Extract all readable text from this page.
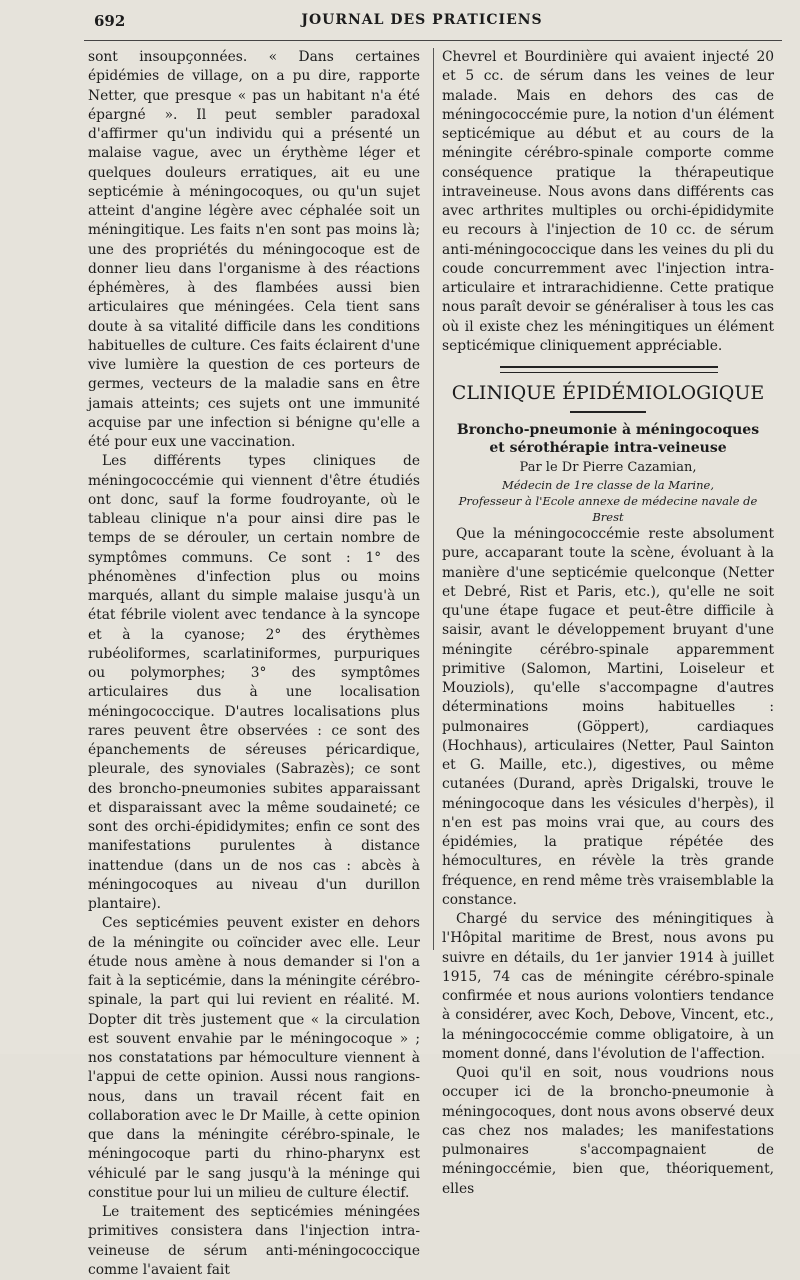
692	JOURNAL DES PRATICIENS

sont insoupçonnées. « Dans certaines épidémies de village, on a pu dire, rapporte Netter, que presque « pas un habitant n'a été épargné ». Il peut sembler paradoxal d'affirmer qu'un individu qui a présenté un malaise vague, avec un érythème léger et quelques douleurs erratiques, ait eu une septicémie à méningocoques, ou qu'un sujet atteint d'angine légère avec céphalée soit un méningitique. Les faits n'en sont pas moins là; une des propriétés du méningocoque est de donner lieu dans l'organisme à des réactions éphémères, à des flambées aussi bien articulaires que méningées. Cela tient sans doute à sa vitalité difficile dans les conditions habituelles de culture. Ces faits éclairent d'une vive lumière la question de ces porteurs de germes, vecteurs de la maladie sans en être jamais atteints; ces sujets ont une immunité acquise par une infection si bénigne qu'elle a été pour eux une vaccination.

Les différents types cliniques de méningococcémie qui viennent d'être étudiés ont donc, sauf la forme foudroyante, où le tableau clinique n'a pour ainsi dire pas le temps de se dérouler, un certain nombre de symptômes communs. Ce sont : 1° des phénomènes d'infection plus ou moins marqués, allant du simple malaise jusqu'à un état fébrile violent avec tendance à la syncope et à la cyanose; 2° des érythèmes rubéoliformes, scarlatiniformes, purpuriques ou polymorphes; 3° des symptômes articulaires dus à une localisation méningococcique. D'autres localisations plus rares peuvent être observées : ce sont des épanchements de séreuses péricardique, pleurale, des synoviales (Sabrazès); ce sont des broncho-pneumonies subites apparaissant et disparaissant avec la même soudaineté; ce sont des orchi-épididymites; enfin ce sont des manifestations purulentes à distance inattendue (dans un de nos cas : abcès à méningocoques au niveau d'un durillon plantaire).

Ces septicémies peuvent exister en dehors de la méningite ou coïncider avec elle. Leur étude nous amène à nous demander si l'on a fait à la septicémie, dans la méningite cérébro-spinale, la part qui lui revient en réalité. M. Dopter dit très justement que « la circulation est souvent envahie par le méningocoque » ; nos constatations par hémoculture viennent à l'appui de cette opinion. Aussi nous rangions-nous, dans un travail récent fait en collaboration avec le Dr Maille, à cette opinion que dans la méningite cérébro-spinale, le méningocoque parti du rhino-pharynx est véhiculé par le sang jusqu'à la méninge qui constitue pour lui un milieu de culture électif.

Le traitement des septicémies méningées primitives consistera dans l'injection intra-veineuse de sérum anti-méningococcique comme l'avaient fait

Chevrel et Bourdinière qui avaient injecté 20 et 5 cc. de sérum dans les veines de leur malade. Mais en dehors des cas de méningococcémie pure, la notion d'un élément septicémique au début et au cours de la méningite cérébro-spinale comporte comme conséquence pratique la thérapeutique intraveineuse. Nous avons dans différents cas avec arthrites multiples ou orchi-épididymite eu recours à l'injection de 10 cc. de sérum anti-méningococcique dans les veines du pli du coude concurremment avec l'injection intra-articulaire et intrarachidienne. Cette pratique nous paraît devoir se généraliser à tous les cas où il existe chez les méningitiques un élément septicémique cliniquement appréciable.

CLINIQUE ÉPIDÉMIOLOGIQUE
Broncho-pneumonie à méningocoques
et sérothérapie intra-veineuse
Par le Dr Pierre Cazamian,
Médecin de 1re classe de la Marine,
Professeur à l'Ecole annexe de médecine navale de Brest

Que la méningococcémie reste absolument pure, accaparant toute la scène, évoluant à la manière d'une septicémie quelconque (Netter et Debré, Rist et Paris, etc.), qu'elle ne soit qu'une étape fugace et peut-être difficile à saisir, avant le développement bruyant d'une méningite cérébro-spinale apparemment primitive (Salomon, Martini, Loiseleur et Mouziols), qu'elle s'accompagne d'autres déterminations moins habituelles : pulmonaires (Göppert), cardiaques (Hochhaus), articulaires (Netter, Paul Sainton et G. Maille, etc.), digestives, ou même cutanées (Durand, après Drigalski, trouve le méningocoque dans les vésicules d'herpès), il n'en est pas moins vrai que, au cours des épidémies, la pratique répétée des hémocultures, en révèle la très grande fréquence, en rend même très vraisemblable la constance.

Chargé du service des méningitiques à l'Hôpital maritime de Brest, nous avons pu suivre en détails, du 1er janvier 1914 à juillet 1915, 74 cas de méningite cérébro-spinale confirmée et nous aurions volontiers tendance à considérer, avec Koch, Debove, Vincent, etc., la méningococcémie comme obligatoire, à un moment donné, dans l'évolution de l'affection.

Quoi qu'il en soit, nous voudrions nous occuper ici de la broncho-pneumonie à méningocoques, dont nous avons observé deux cas chez nos malades; les manifestations pulmonaires s'accompagnaient de méningoccémie, bien que, théoriquement, elles
